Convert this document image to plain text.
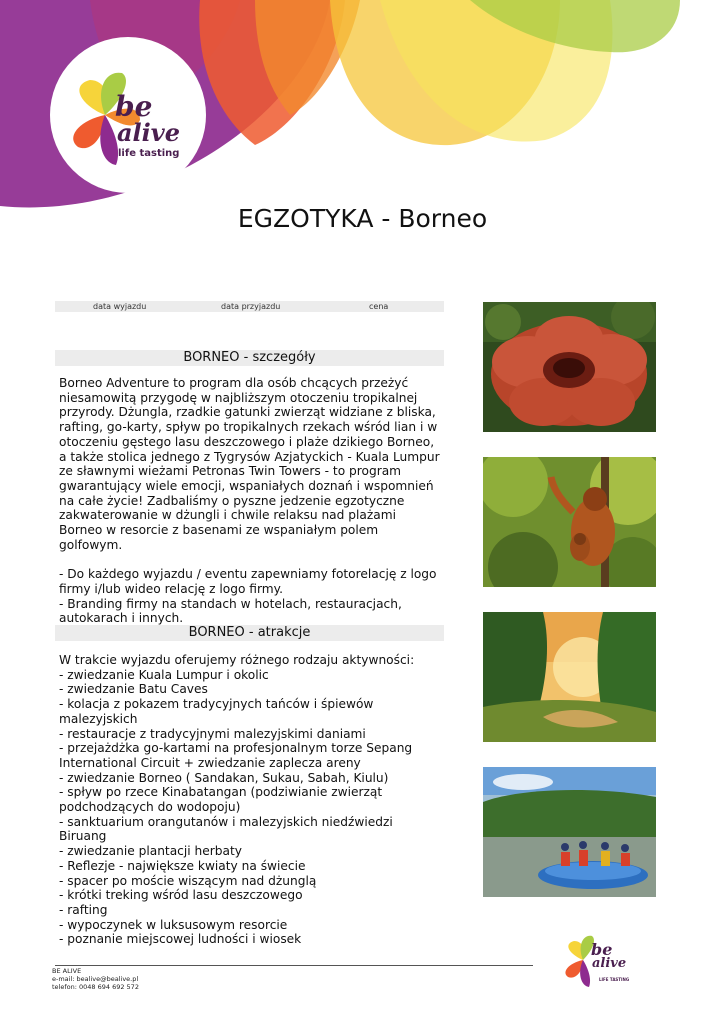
be
alive
life tasting
EGZOTYKA - Borneo
data wyjazdu	data przyjazdu	cena
BORNEO - szczegóły

Borneo Adventure to program dla osób chcących przeżyć niesamowitą przygodę w najbliższym otoczeniu tropikalnej przyrody. Dżungla, rzadkie gatunki zwierząt widziane z bliska, rafting, go-karty, spływ po tropikalnych rzekach wśród lian i w otoczeniu gęstego lasu deszczowego i plaże dzikiego Borneo, a także stolica jednego z Tygrysów Azjatyckich - Kuala Lumpur ze sławnymi wieżami Petronas Twin Towers - to program gwarantujący wiele emocji, wspaniałych doznań i wspomnień na całe życie! Zadbaliśmy o pyszne jedzenie egzotyczne zakwaterowanie w dżungli i chwile relaksu nad plażami Borneo w resorcie z basenami ze wspaniałym polem golfowym.

- Do każdego wyjazdu / eventu zapewniamy fotorelację z logo firmy i/lub wideo relację z logo firmy.
- Branding firmy na standach w hotelach, restauracjach, autokarach i innych.

BORNEO - atrakcje

W trakcie wyjazdu oferujemy różnego rodzaju aktywności:

- zwiedzanie Kuala Lumpur i okolic

- zwiedzanie Batu Caves

- kolacja z pokazem tradycyjnych tańców i śpiewów malezyjskich

- restauracje z tradycyjnymi malezyjskimi daniami

- przejażdżka go-kartami na profesjonalnym torze Sepang International Circuit + zwiedzanie zaplecza areny

- zwiedzanie Borneo ( Sandakan, Sukau, Sabah, Kiulu)

- spływ po rzece Kinabatangan (podziwianie zwierząt podchodzących do wodopoju)

- sanktuarium orangutanów i malezyjskich niedźwiedzi Biruang

- zwiedzanie plantacji herbaty

- Reflezje - największe kwiaty na świecie

- spacer po moście wiszącym nad dżunglą

- krótki treking wśród lasu deszczowego

- rafting

- wypoczynek w luksusowym resorcie

- poznanie miejscowej ludności i wiosek

BE ALIVE
e-mail: bealive@bealive.pl
telefon: 0048 694 692 572
be
alive
LIFE TASTING
